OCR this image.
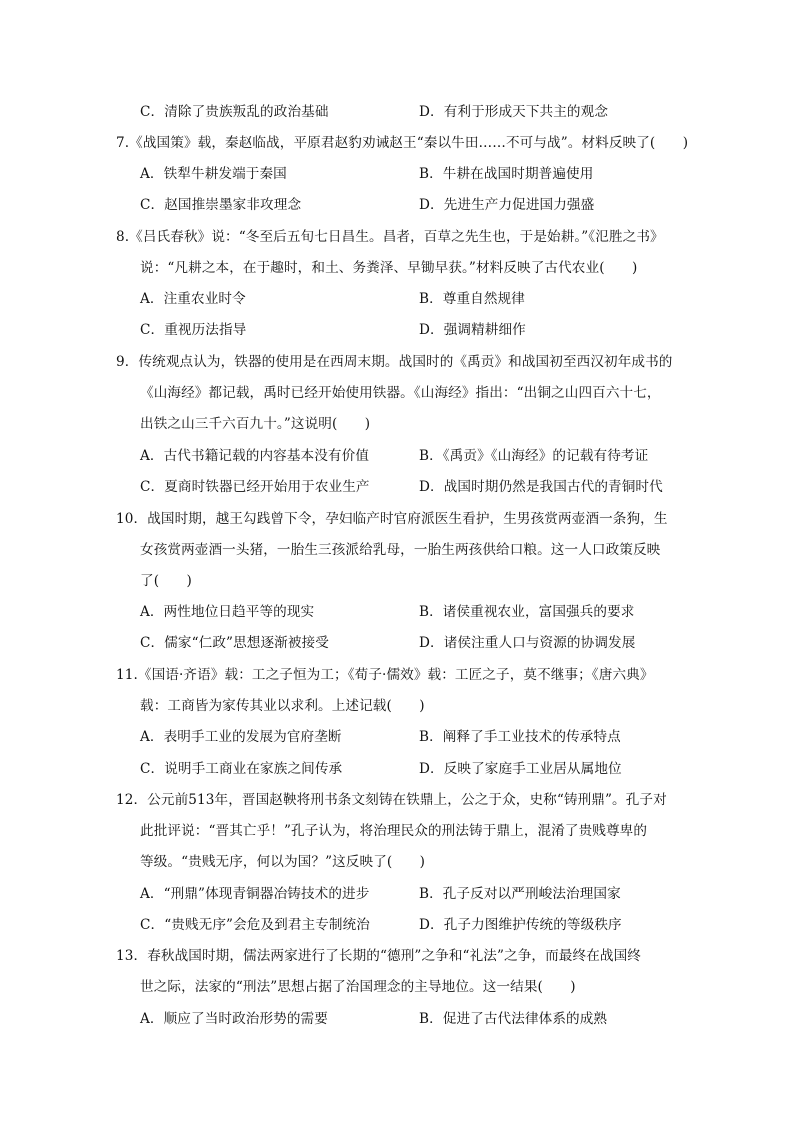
C．清除了贵族叛乱的政治基础	D．有利于形成天下共主的观念
7.《战国策》载，秦赵临战，平原君赵豹劝诫赵王“秦以牛田……不可与战”。材料反映了(　　)
A．铁犁牛耕发端于秦国	B．牛耕在战国时期普遍使用
C．赵国推崇墨家非攻理念	D．先进生产力促进国力强盛
8.《吕氏春秋》说：“冬至后五旬七日昌生。昌者，百草之先生也，于是始耕。”《氾胜之书》
说：“凡耕之本，在于趣时，和土、务粪泽、早锄早获。”材料反映了古代农业(　　)
A．注重农业时令	B．尊重自然规律
C．重视历法指导	D．强调精耕细作
9．传统观点认为，铁器的使用是在西周末期。战国时的《禹贡》和战国初至西汉初年成书的
《山海经》都记载，禹时已经开始使用铁器。《山海经》指出：“出铜之山四百六十七，
出铁之山三千六百九十。”这说明(　　)
A．古代书籍记载的内容基本没有价值	B．《禹贡》《山海经》的记载有待考证
C．夏商时铁器已经开始用于农业生产	D．战国时期仍然是我国古代的青铜时代
10．战国时期，越王勾践曾下令，孕妇临产时官府派医生看护，生男孩赏两壶酒一条狗，生
女孩赏两壶酒一头猪，一胎生三孩派给乳母，一胎生两孩供给口粮。这一人口政策反映
了(　　)
A．两性地位日趋平等的现实	B．诸侯重视农业，富国强兵的要求
C．儒家“仁政”思想逐渐被接受	D．诸侯注重人口与资源的协调发展
11.《国语·齐语》载：工之子恒为工；《荀子·儒效》载：工匠之子，莫不继事；《唐六典》
载：工商皆为家传其业以求利。上述记载(　　)
A．表明手工业的发展为官府垄断	B．阐释了手工业技术的传承特点
C．说明手工商业在家族之间传承	D．反映了家庭手工业居从属地位
12．公元前513年，晋国赵鞅将刑书条文刻铸在铁鼎上，公之于众，史称“铸刑鼎”。孔子对
此批评说：“晋其亡乎！”孔子认为，将治理民众的刑法铸于鼎上，混淆了贵贱尊卑的
等级。“贵贱无序，何以为国？”这反映了(　　)
A．“刑鼎”体现青铜器冶铸技术的进步	B．孔子反对以严刑峻法治理国家
C．“贵贱无序”会危及到君主专制统治	D．孔子力图维护传统的等级秩序
13．春秋战国时期，儒法两家进行了长期的“德刑”之争和“礼法”之争，而最终在战国终
世之际，法家的“刑法”思想占据了治国理念的主导地位。这一结果(　　)
A．顺应了当时政治形势的需要	B．促进了古代法律体系的成熟
